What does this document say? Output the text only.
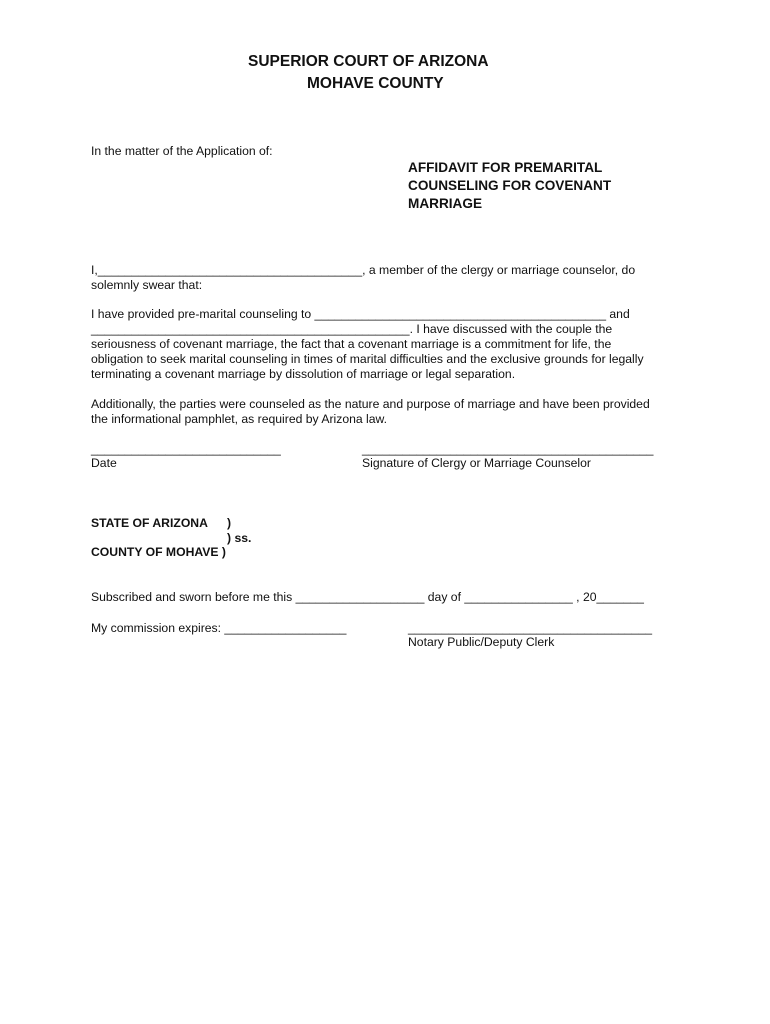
SUPERIOR COURT OF ARIZONA
MOHAVE COUNTY
In the matter of the Application of:
AFFIDAVIT FOR PREMARITAL
COUNSELING FOR COVENANT
MARRIAGE
I,_______________________________________, a member of the clergy or marriage counselor, do
solemnly swear that:
I have provided pre-marital counseling to ___________________________________________ and
_______________________________________________. I have discussed with the couple the
seriousness of covenant marriage, the fact that a covenant marriage is a commitment for life, the
obligation to seek marital counseling in times of marital difficulties and the exclusive grounds for legally
terminating a covenant marriage by dissolution of marriage or legal separation.
Additionally, the parties were counseled as the nature and purpose of marriage and have been provided
the informational pamphlet, as required by Arizona law.
____________________________
Date
___________________________________________
Signature of Clergy or Marriage Counselor
STATE OF ARIZONA )
) ss.
COUNTY OF MOHAVE )
Subscribed and sworn before me this ___________________ day of ________________ , 20_______
My commission expires: __________________	____________________________________
Notary Public/Deputy Clerk
